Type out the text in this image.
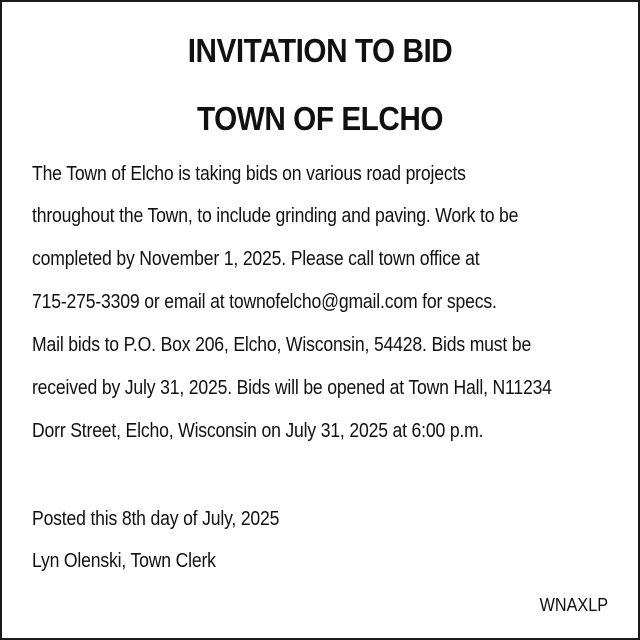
INVITATION TO BID
TOWN OF ELCHO

The Town of Elcho is taking bids on various road projects

throughout the Town, to include grinding and paving. Work to be

completed by November 1, 2025. Please call town office at

715-275-3309 or email at townofelcho@gmail.com for specs.

Mail bids to P.O. Box 206, Elcho, Wisconsin, 54428. Bids must be

received by July 31, 2025. Bids will be opened at Town Hall, N11234

Dorr Street, Elcho, Wisconsin on July 31, 2025 at 6:00 p.m.

Posted this 8th day of July, 2025

Lyn Olenski, Town Clerk

WNAXLP
